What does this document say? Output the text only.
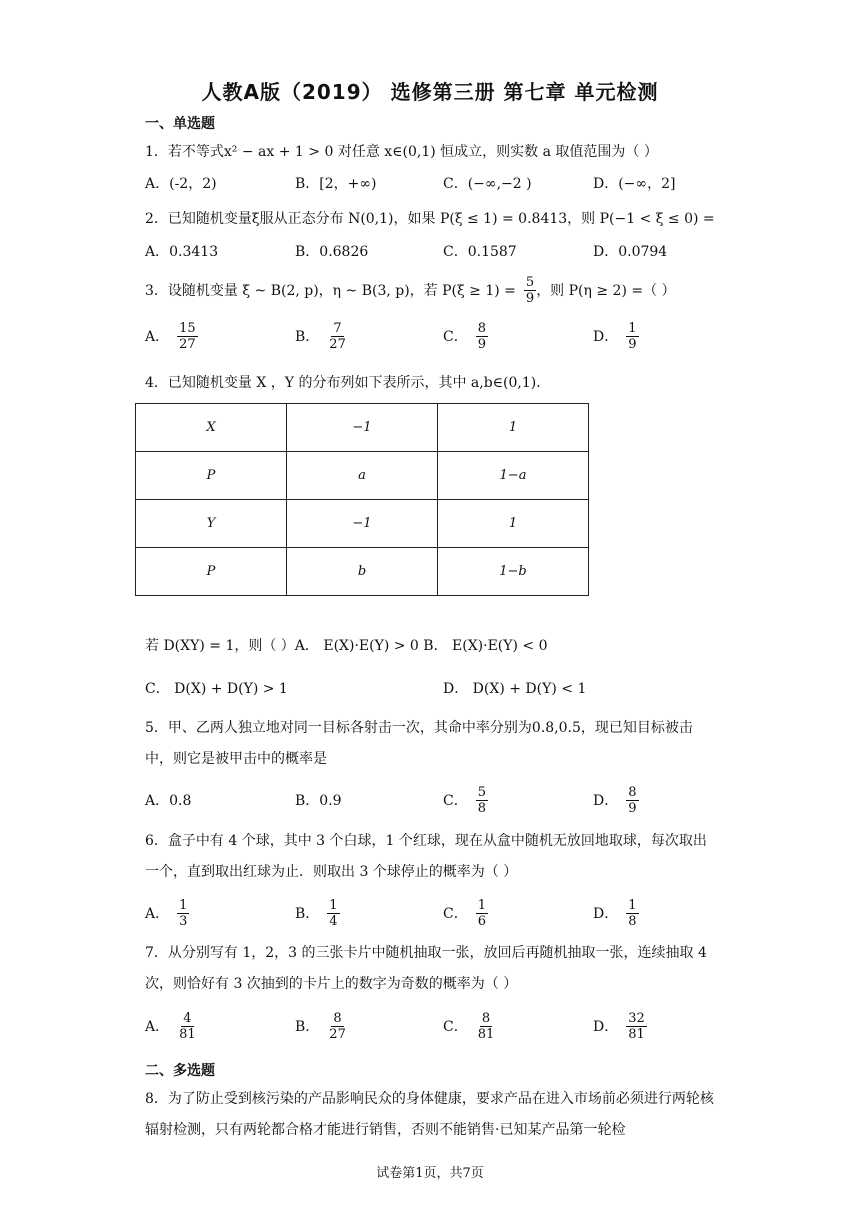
人教A版（2019） 选修第三册 第七章 单元检测
一、单选题
1．若不等式x² − ax + 1 > 0 对任意 x∈(0,1) 恒成立，则实数 a 取值范围为（ ）
A．(-2，2)	B．[2，+∞)	C．(−∞,−2 )	D．(−∞，2]
2．已知随机变量ξ服从正态分布 N(0,1)，如果 P(ξ ≤ 1) = 0.8413，则 P(−1 < ξ ≤ 0) =
A．0.3413	B．0.6826	C．0.1587	D．0.0794
3．设随机变量 ξ ~ B(2, p)，η ~ B(3, p)，若 $P(\xi \ge 1) = \frac{5}{9}$ ，则 P(η ≥ 2) =（ ）
A． $\frac{15}{27}$	B． $\frac{7}{27}$	C． $\frac{8}{9}$	D． $\frac{1}{9}$
4．已知随机变量 X ，Y 的分布列如下表所示，其中 a,b∈(0,1)．
X	−1	1
P	a	1−a
Y	−1	1
P	b	1−b
若 D(XY) = 1，则（ ）A． E(X)·E(Y) > 0 B． E(X)·E(Y) < 0
C． D(X) + D(Y) > 1	D． D(X) + D(Y) < 1
5．甲、乙两人独立地对同一目标各射击一次，其命中率分别为0.8,0.5，现已知目标被击中，则它是被甲击中的概率是
A．0.8	B．0.9	C． $\frac{5}{8}$	D． $\frac{8}{9}$
6．盒子中有 4 个球，其中 3 个白球，1 个红球，现在从盒中随机无放回地取球，每次取出一个，直到取出红球为止．则取出 3 个球停止的概率为（ ）
A． $\frac{1}{3}$	B． $\frac{1}{4}$	C． $\frac{1}{6}$	D． $\frac{1}{8}$
7．从分别写有 1，2，3 的三张卡片中随机抽取一张，放回后再随机抽取一张，连续抽取 4 次，则恰好有 3 次抽到的卡片上的数字为奇数的概率为（ ）
A． $\frac{4}{81}$	B． $\frac{8}{27}$	C． $\frac{8}{81}$	D． $\frac{32}{81}$
二、多选题
8．为了防止受到核污染的产品影响民众的身体健康，要求产品在进入市场前必须进行两轮核辐射检测，只有两轮都合格才能进行销售，否则不能销售·已知某产品第一轮检
试卷第1页，共7页
